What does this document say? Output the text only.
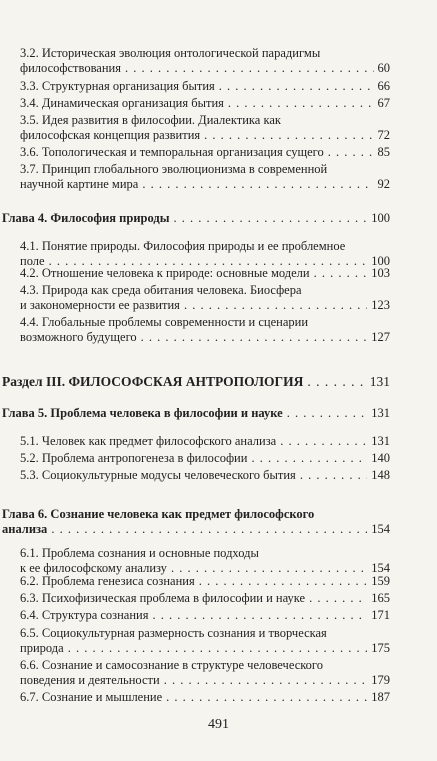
3.2. Историческая эволюция онтологической парадигмы
философствования . . .	60
3.3. Структурная организация бытия . . .	66
3.4. Динамическая организация бытия . . .	67
3.5. Идея развития в философии. Диалектика как
философская концепция развития . . .	72
3.6. Топологическая и темпоральная организация сущего . . .	85
3.7. Принцип глобального эволюционизма в современной
научной картине мира . . .	92
Глава 4. Философия природы . . .	100
4.1. Понятие природы. Философия природы и ее проблемное
поле . . .	100
4.2. Отношение человека к природе: основные модели . . .	103
4.3. Природа как среда обитания человека. Биосфера
и закономерности ее развития . . .	123
4.4. Глобальные проблемы современности и сценарии
возможного будущего . . .	127
Раздел III. ФИЛОСОФСКАЯ АНТРОПОЛОГИЯ . . .	131
Глава 5. Проблема человека в философии и науке . . .	131
5.1. Человек как предмет философского анализа . . .	131
5.2. Проблема антропогенеза в философии . . .	140
5.3. Социокультурные модусы человеческого бытия . . .	148
Глава 6. Сознание человека как предмет философского
анализа . . .	154
6.1. Проблема сознания и основные подходы
к ее философскому анализу . . .	154
6.2. Проблема генезиса сознания . . .	159
6.3. Психофизическая проблема в философии и науке . . .	165
6.4. Структура сознания . . .	171
6.5. Социокультурная размерность сознания и творческая
природа . . .	175
6.6. Сознание и самосознание в структуре человеческого
поведения и деятельности . . .	179
6.7. Сознание и мышление . . .	187
491
